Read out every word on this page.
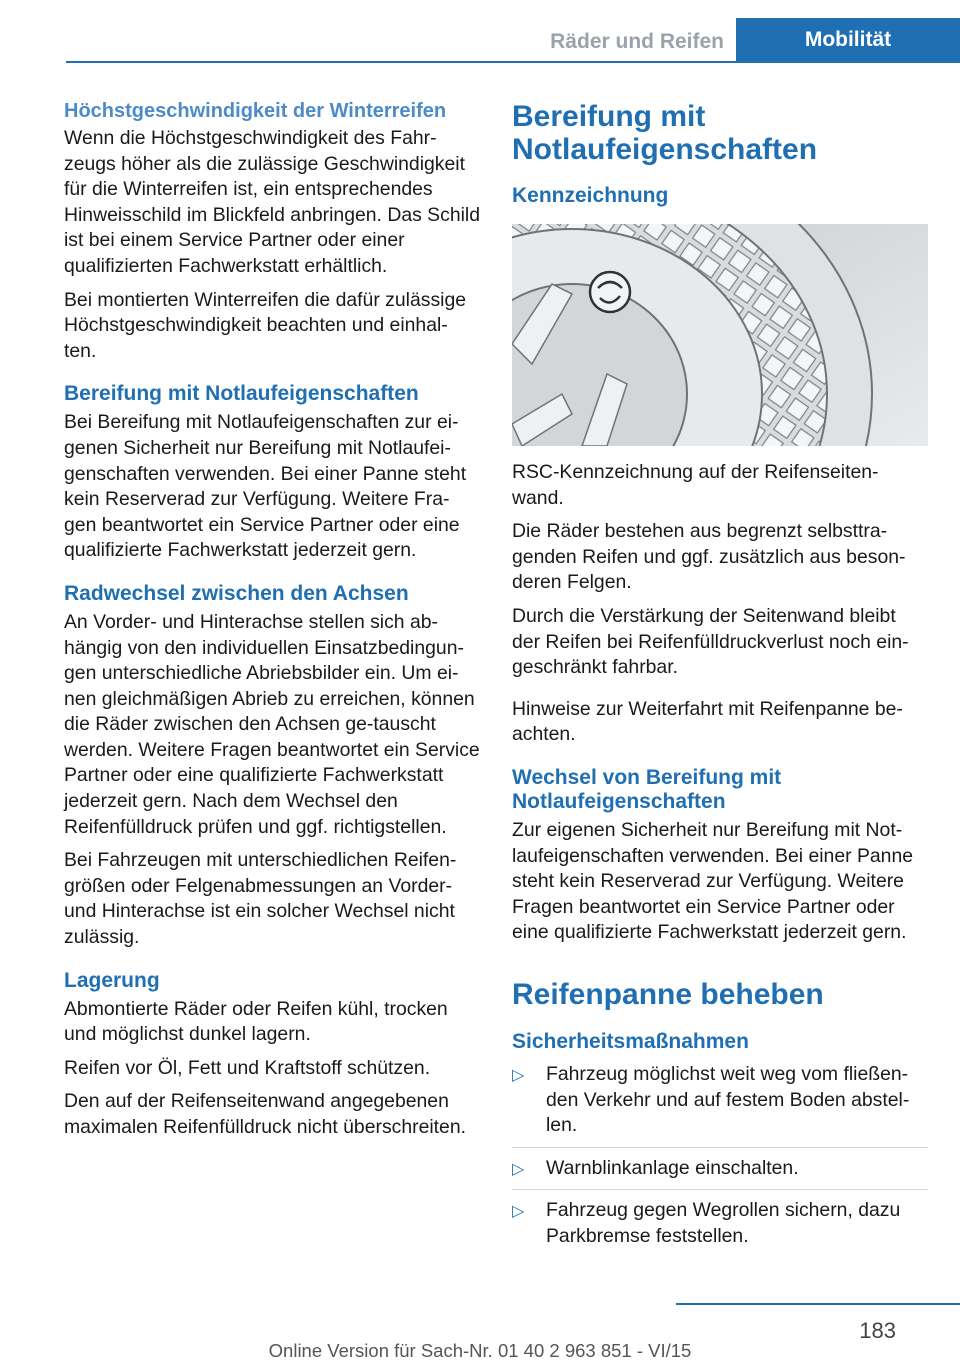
Räder und Reifen	Mobilität
Höchstgeschwindigkeit der Winterreifen

Wenn die Höchstgeschwindigkeit des Fahr‐zeugs höher als die zulässige Geschwindigkeit für die Winterreifen ist, ein entsprechendes Hinweisschild im Blickfeld anbringen. Das Schild ist bei einem Service Partner oder einer qualifizierten Fachwerkstatt erhältlich.

Bei montierten Winterreifen die dafür zulässige Höchstgeschwindigkeit beachten und einhal‐ten.

Bereifung mit Notlaufeigenschaften

Bei Bereifung mit Notlaufeigenschaften zur ei‐genen Sicherheit nur Bereifung mit Notlaufei‐genschaften verwenden. Bei einer Panne steht kein Reserverad zur Verfügung. Weitere Fra‐gen beantwortet ein Service Partner oder eine qualifizierte Fachwerkstatt jederzeit gern.

Radwechsel zwischen den Achsen

An Vorder- und Hinterachse stellen sich ab‐hängig von den individuellen Einsatzbedingun‐gen unterschiedliche Abriebsbilder ein. Um ei‐nen gleichmäßigen Abrieb zu erreichen, können die Räder zwischen den Achsen ge‐tauscht werden. Weitere Fragen beantwortet ein Service Partner oder eine qualifizierte Fachwerkstatt jederzeit gern. Nach dem Wechsel den Reifenfülldruck prüfen und ggf. richtigstellen.

Bei Fahrzeugen mit unterschiedlichen Reifen‐größen oder Felgenabmessungen an Vorder- und Hinterachse ist ein solcher Wechsel nicht zulässig.

Lagerung

Abmontierte Räder oder Reifen kühl, trocken und möglichst dunkel lagern.

Reifen vor Öl, Fett und Kraftstoff schützen.

Den auf der Reifenseitenwand angegebenen maximalen Reifenfülldruck nicht überschreiten.

Bereifung mit Notlaufeigenschaften
Kennzeichnung

RSC-Kennzeichnung auf der Reifenseiten‐wand.

Die Räder bestehen aus begrenzt selbsttra‐genden Reifen und ggf. zusätzlich aus beson‐deren Felgen.

Durch die Verstärkung der Seitenwand bleibt der Reifen bei Reifenfülldruckverlust noch ein‐geschränkt fahrbar.

Hinweise zur Weiterfahrt mit Reifenpanne be‐achten.

Wechsel von Bereifung mit Notlaufeigenschaften

Zur eigenen Sicherheit nur Bereifung mit Not‐laufeigenschaften verwenden. Bei einer Panne steht kein Reserverad zur Verfügung. Weitere Fragen beantwortet ein Service Partner oder eine qualifizierte Fachwerkstatt jederzeit gern.

Reifenpanne beheben
Sicherheitsmaßnahmen
▷ Fahrzeug möglichst weit weg vom fließen‐den Verkehr und auf festem Boden abstel‐len.
▷ Warnblinkanlage einschalten.
▷ Fahrzeug gegen Wegrollen sichern, dazu Parkbremse feststellen.
183
Online Version für Sach-Nr. 01 40 2 963 851 - VI/15
